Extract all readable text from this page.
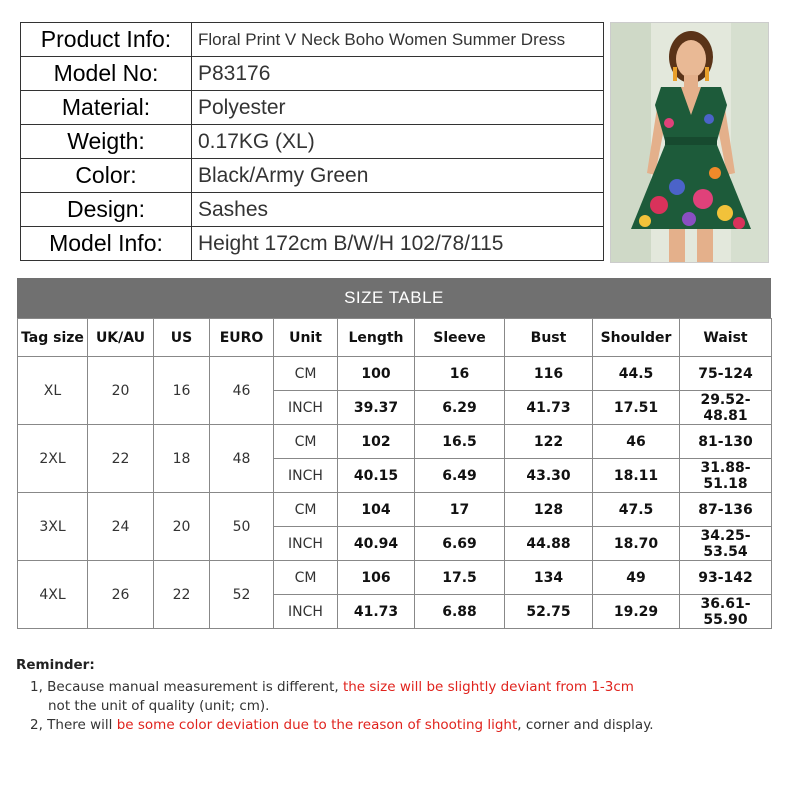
Product Info:	Floral Print V Neck Boho Women Summer Dress
Model No:	P83176
Material:	Polyester
Weigth:	0.17KG (XL)
Color:	Black/Army Green
Design:	Sashes
Model Info:	Height 172cm B/W/H 102/78/115
SIZE TABLE
Tag size	UK/AU	US	EURO	Unit	Length	Sleeve	Bust	Shoulder	Waist
XL	20	16	46	CM	100	16	116	44.5	75-124
				INCH	39.37	6.29	41.73	17.51	29.52-48.81
2XL	22	18	48	CM	102	16.5	122	46	81-130
				INCH	40.15	6.49	43.30	18.11	31.88-51.18
3XL	24	20	50	CM	104	17	128	47.5	87-136
				INCH	40.94	6.69	44.88	18.70	34.25-53.54
4XL	26	22	52	CM	106	17.5	134	49	93-142
				INCH	41.73	6.88	52.75	19.29	36.61-55.90
Reminder:
1, Because manual measurement is different, the size will be slightly deviant from 1-3cm
not the unit of quality (unit; cm).
2, There will be some color deviation due to the reason of shooting light, corner and display.
